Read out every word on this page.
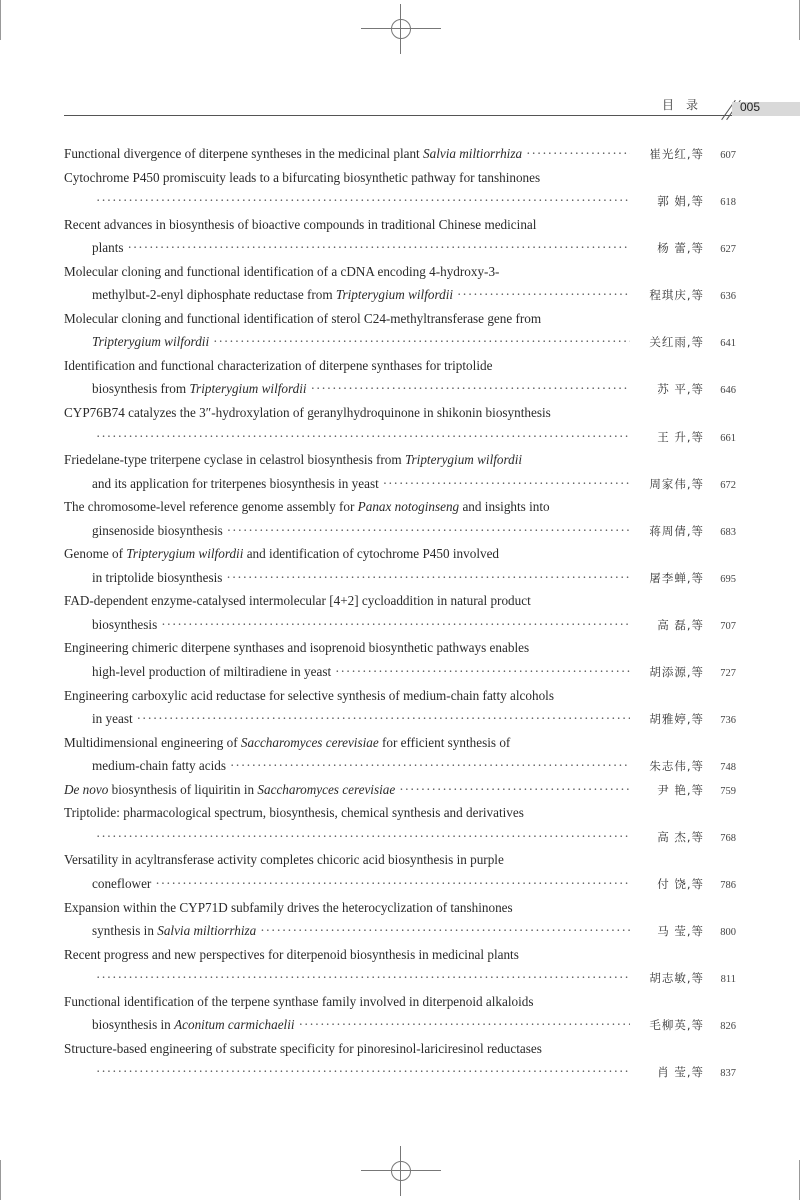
目录 005
Functional divergence of diterpene syntheses in the medicinal plant Salvia miltiorrhiza ·····	崔光红,等	607
Cytochrome P450 promiscuity leads to a bifurcating biosynthetic pathway for tanshinones
·····
郭 娟,等	618
Recent advances in biosynthesis of bioactive compounds in traditional Chinese medicinal
plants ·····	杨 蕾,等	627
Molecular cloning and functional identification of a cDNA encoding 4-hydroxy-3-
methylbut-2-enyl diphosphate reductase from Tripterygium wilfordii ·····	程琪庆,等	636
Molecular cloning and functional identification of sterol C24-methyltransferase gene from
Tripterygium wilfordii ·····	关红雨,等	641
Identification and functional characterization of diterpene synthases for triptolide
biosynthesis from Tripterygium wilfordii ·····	苏 平,等	646
CYP76B74 catalyzes the 3″-hydroxylation of geranylhydroquinone in shikonin biosynthesis
·····
王 升,等	661
Friedelane-type triterpene cyclase in celastrol biosynthesis from Tripterygium wilfordii
and its application for triterpenes biosynthesis in yeast ·····	周家伟,等	672
The chromosome-level reference genome assembly for Panax notoginseng and insights into
ginsenoside biosynthesis ·····	蒋周倩,等	683
Genome of Tripterygium wilfordii and identification of cytochrome P450 involved
in triptolide biosynthesis ·····	屠李蝉,等	695
FAD-dependent enzyme-catalysed intermolecular [4+2] cycloaddition in natural product
biosynthesis ·····	高 磊,等	707
Engineering chimeric diterpene synthases and isoprenoid biosynthetic pathways enables
high-level production of miltiradiene in yeast ·····	胡添源,等	727
Engineering carboxylic acid reductase for selective synthesis of medium-chain fatty alcohols
in yeast ·····	胡雅婷,等	736
Multidimensional engineering of Saccharomyces cerevisiae for efficient synthesis of
medium-chain fatty acids ·····	朱志伟,等	748
De novo biosynthesis of liquiritin in Saccharomyces cerevisiae ·····	尹 艳,等	759
Triptolide: pharmacological spectrum, biosynthesis, chemical synthesis and derivatives
·····
高 杰,等	768
Versatility in acyltransferase activity completes chicoric acid biosynthesis in purple
coneflower ·····	付 饶,等	786
Expansion within the CYP71D subfamily drives the heterocyclization of tanshinones
synthesis in Salvia miltiorrhiza ·····	马 莹,等	800
Recent progress and new perspectives for diterpenoid biosynthesis in medicinal plants
·····
胡志敏,等	811
Functional identification of the terpene synthase family involved in diterpenoid alkaloids
biosynthesis in Aconitum carmichaelii ·····	毛柳英,等	826
Structure-based engineering of substrate specificity for pinoresinol-lariciresinol reductases
·····
肖 莹,等	837
